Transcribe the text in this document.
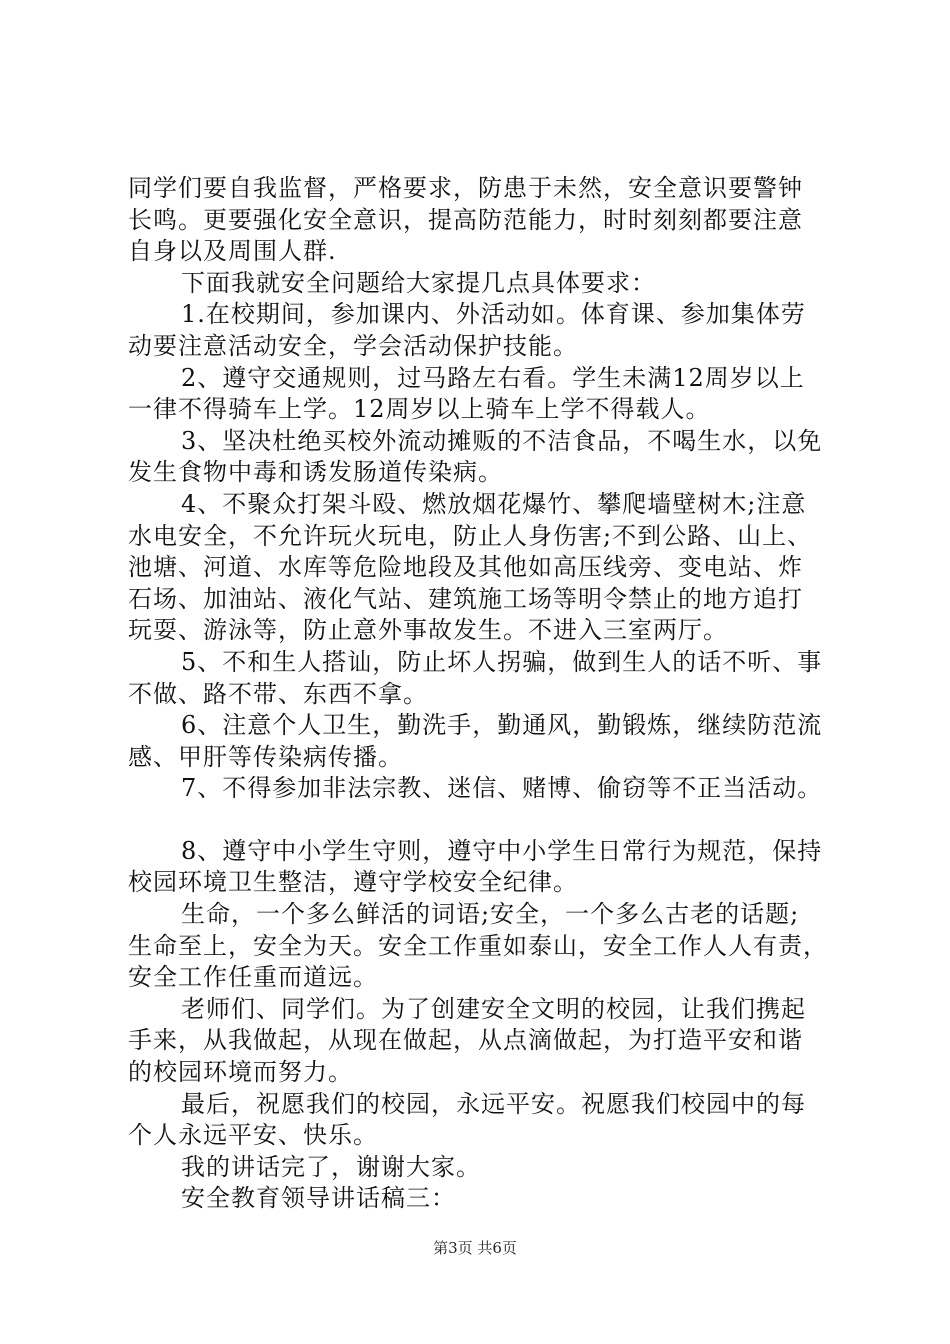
同学们要自我监督，严格要求，防患于未然，安全意识要警钟
长鸣。更要强化安全意识，提高防范能力，时时刻刻都要注意
自身以及周围人群.
下面我就安全问题给大家提几点具体要求：
1.在校期间，参加课内、外活动如。体育课、参加集体劳
动要注意活动安全，学会活动保护技能。
2、遵守交通规则，过马路左右看。学生未满12周岁以上
一律不得骑车上学。12周岁以上骑车上学不得载人。
3、坚决杜绝买校外流动摊贩的不洁食品，不喝生水，以免
发生食物中毒和诱发肠道传染病。
4、不聚众打架斗殴、燃放烟花爆竹、攀爬墙壁树木;注意
水电安全，不允许玩火玩电，防止人身伤害;不到公路、山上、
池塘、河道、水库等危险地段及其他如高压线旁、变电站、炸
石场、加油站、液化气站、建筑施工场等明令禁止的地方追打
玩耍、游泳等，防止意外事故发生。不进入三室两厅。
5、不和生人搭讪，防止坏人拐骗，做到生人的话不听、事
不做、路不带、东西不拿。
6、注意个人卫生，勤洗手，勤通风，勤锻炼，继续防范流
感、甲肝等传染病传播。
7、不得参加非法宗教、迷信、赌博、偷窃等不正当活动。
8、遵守中小学生守则，遵守中小学生日常行为规范，保持
校园环境卫生整洁，遵守学校安全纪律。
生命，一个多么鲜活的词语;安全，一个多么古老的话题;
生命至上，安全为天。安全工作重如泰山，安全工作人人有责，
安全工作任重而道远。
老师们、同学们。为了创建安全文明的校园，让我们携起
手来，从我做起，从现在做起，从点滴做起，为打造平安和谐
的校园环境而努力。
最后，祝愿我们的校园，永远平安。祝愿我们校园中的每
个人永远平安、快乐。
我的讲话完了，谢谢大家。
安全教育领导讲话稿三：
第3页 共6页
